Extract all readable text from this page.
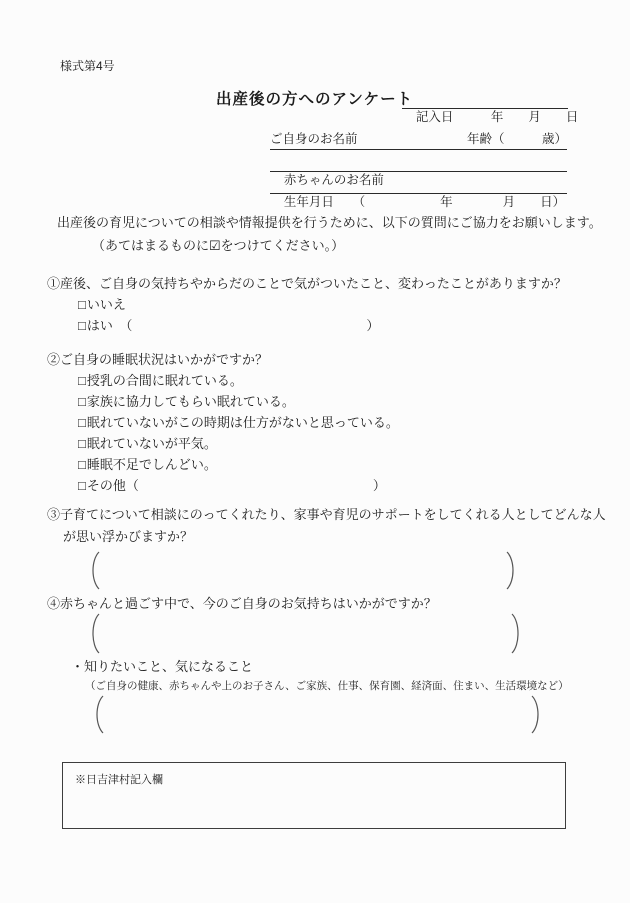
様式第4号
出産後の方へのアンケート

記入日　　　年　　月　　日

ご自身のお名前	年齢（　　　歳）

赤ちゃんのお名前

生年月日　　（　　　　　　年　　　　月　　日）

出産後の育児についての相談や情報提供を行うために、以下の質問にご協力をお願いします。
（あてはまるものに☑をつけてください。）
①産後、ご自身の気持ちやからだのことで気がついたこと、変わったことがありますか？
□ いいえ
□ はい　（　　　　　　　　　　　　　　　　　　）
②ご自身の睡眠状況はいかがですか？
□ 授乳の合間に眠れている。
□ 家族に協力してもらい眠れている。
□ 眠れていないがこの時期は仕方がないと思っている。
□ 眠れていないが平気。
□ 睡眠不足でしんどい。
□ その他（　　　　　　　　　　　　　　　　　　）
③子育てについて相談にのってくれたり、家事や育児のサポートをしてくれる人としてどんな人
が思い浮かびますか？
④赤ちゃんと過ごす中で、今のご自身のお気持ちはいかがですか？
・知りたいこと、気になること
（ご自身の健康、赤ちゃんや上のお子さん、ご家族、仕事、保育園、経済面、住まい、生活環境など）
※日吉津村記入欄
